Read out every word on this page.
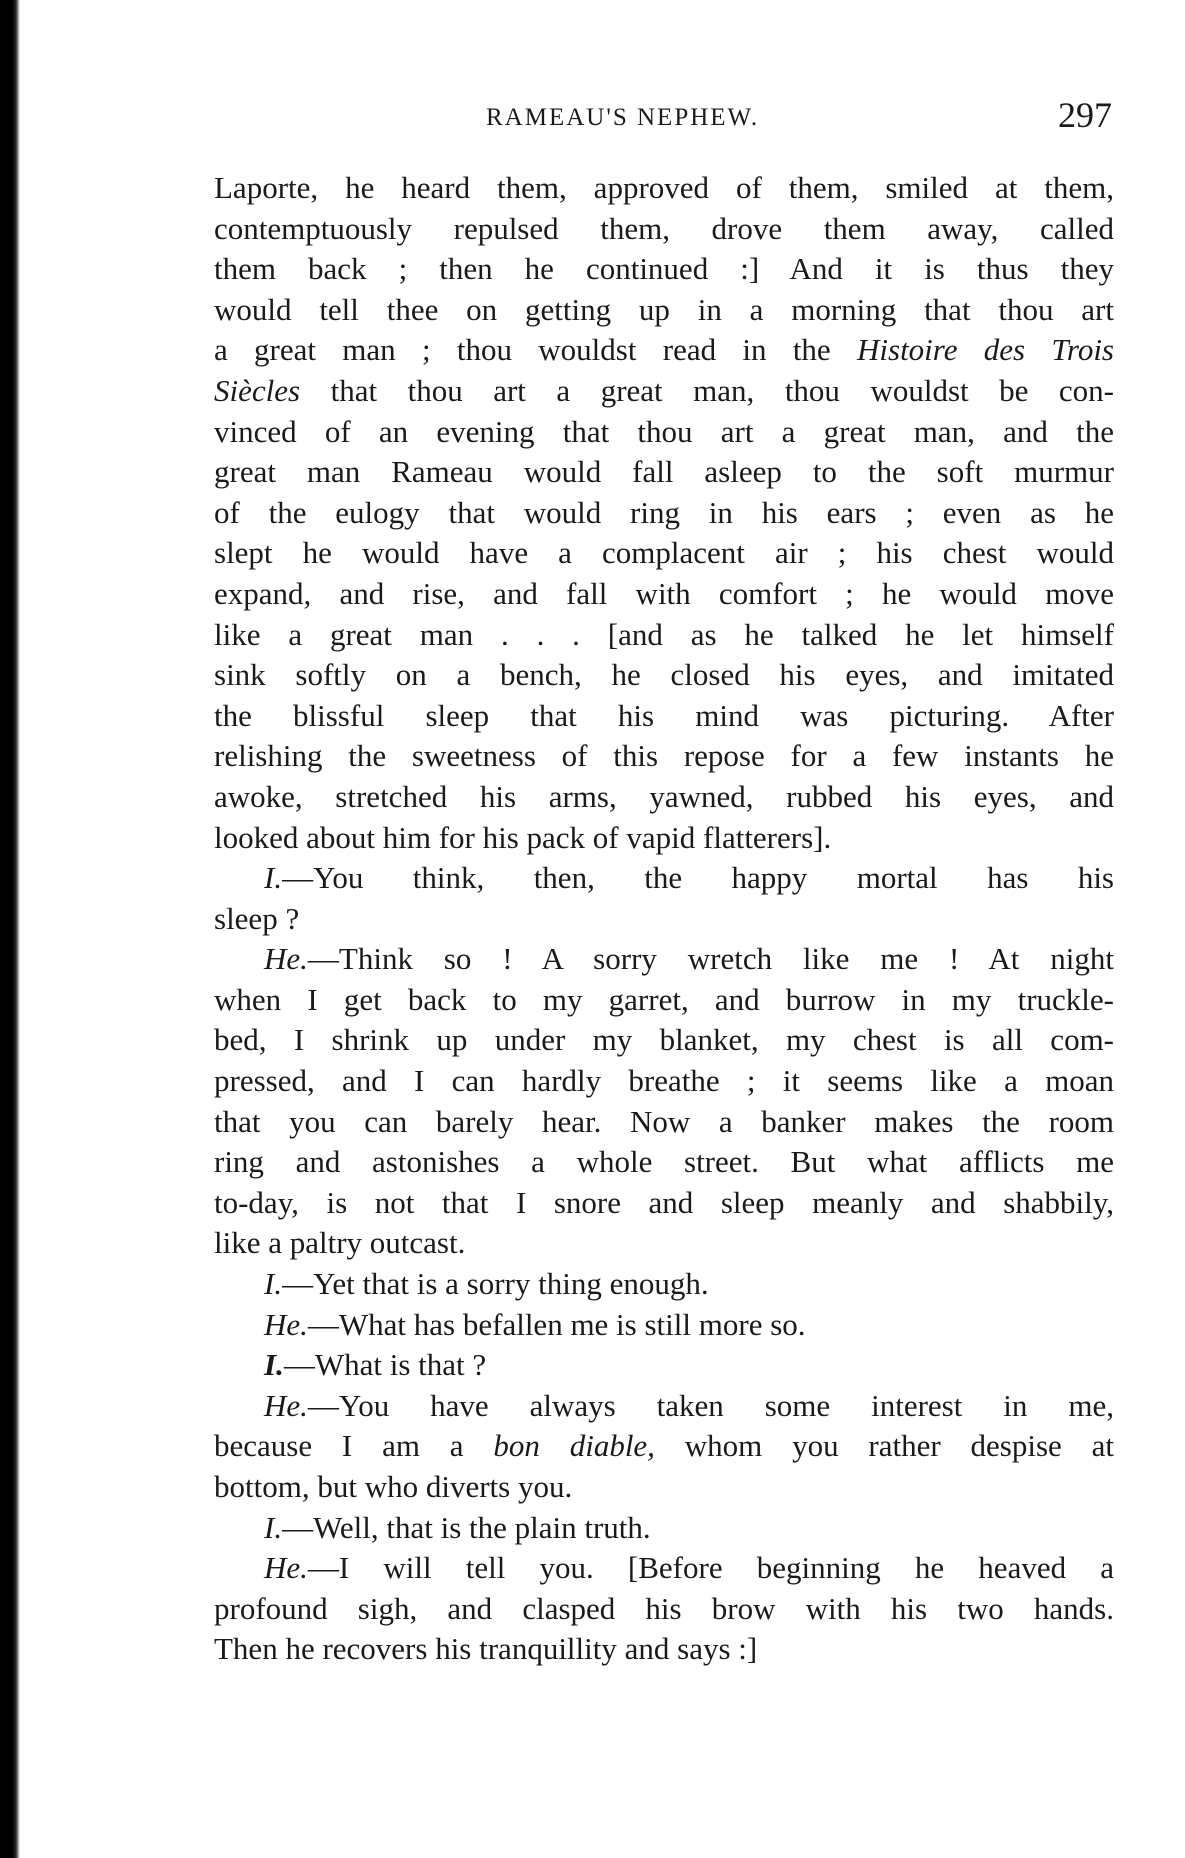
RAMEAU'S NEPHEW.	297
Laporte, he heard them, approved of them, smiled at them,
contemptuously repulsed them, drove them away, called
them back ; then he continued :] And it is thus they
would tell thee on getting up in a morning that thou art
a great man ; thou wouldst read in the Histoire des Trois
Siècles that thou art a great man, thou wouldst be con-
vinced of an evening that thou art a great man, and the
great man Rameau would fall asleep to the soft murmur
of the eulogy that would ring in his ears ; even as he
slept he would have a complacent air ; his chest would
expand, and rise, and fall with comfort ; he would move
like a great man . . . [and as he talked he let himself
sink softly on a bench, he closed his eyes, and imitated
the blissful sleep that his mind was picturing. After
relishing the sweetness of this repose for a few instants he
awoke, stretched his arms, yawned, rubbed his eyes, and
looked about him for his pack of vapid flatterers].
I.—You think, then, the happy mortal has his
sleep ?
He.—Think so ! A sorry wretch like me ! At night
when I get back to my garret, and burrow in my truckle-
bed, I shrink up under my blanket, my chest is all com-
pressed, and I can hardly breathe ; it seems like a moan
that you can barely hear. Now a banker makes the room
ring and astonishes a whole street. But what afflicts me
to-day, is not that I snore and sleep meanly and shabbily,
like a paltry outcast.
I.—Yet that is a sorry thing enough.
He.—What has befallen me is still more so.
I.—What is that ?
He.—You have always taken some interest in me,
because I am a bon diable, whom you rather despise at
bottom, but who diverts you.
I.—Well, that is the plain truth.
He.—I will tell you. [Before beginning he heaved a
profound sigh, and clasped his brow with his two hands.
Then he recovers his tranquillity and says :]
